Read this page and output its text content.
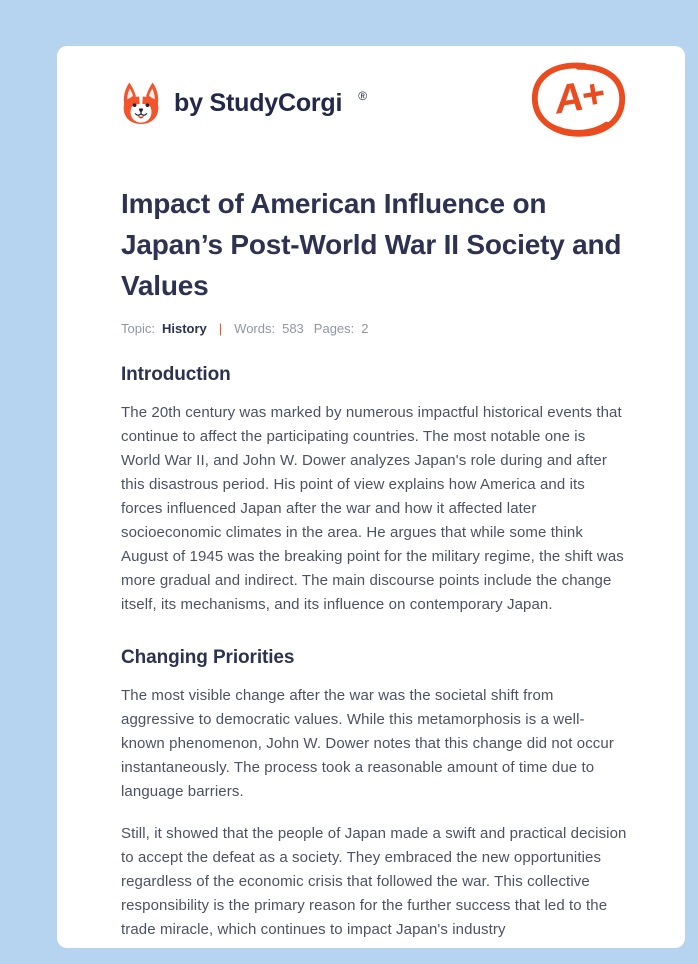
by StudyCorgi ®	A+
Impact of American Influence on Japan’s Post-World War II Society and Values
Topic: History | Words: 583 Pages: 2
Introduction

The 20th century was marked by numerous impactful historical events that continue to affect the participating countries. The most notable one is World War II, and John W. Dower analyzes Japan's role during and after this disastrous period. His point of view explains how America and its forces influenced Japan after the war and how it affected later socioeconomic climates in the area. He argues that while some think August of 1945 was the breaking point for the military regime, the shift was more gradual and indirect. The main discourse points include the change itself, its mechanisms, and its influence on contemporary Japan.

Changing Priorities

The most visible change after the war was the societal shift from aggressive to democratic values. While this metamorphosis is a well-known phenomenon, John W. Dower notes that this change did not occur instantaneously. The process took a reasonable amount of time due to language barriers.

Still, it showed that the people of Japan made a swift and practical decision to accept the defeat as a society. They embraced the new opportunities regardless of the economic crisis that followed the war. This collective responsibility is the primary reason for the further success that led to the trade miracle, which continues to impact Japan's industry
